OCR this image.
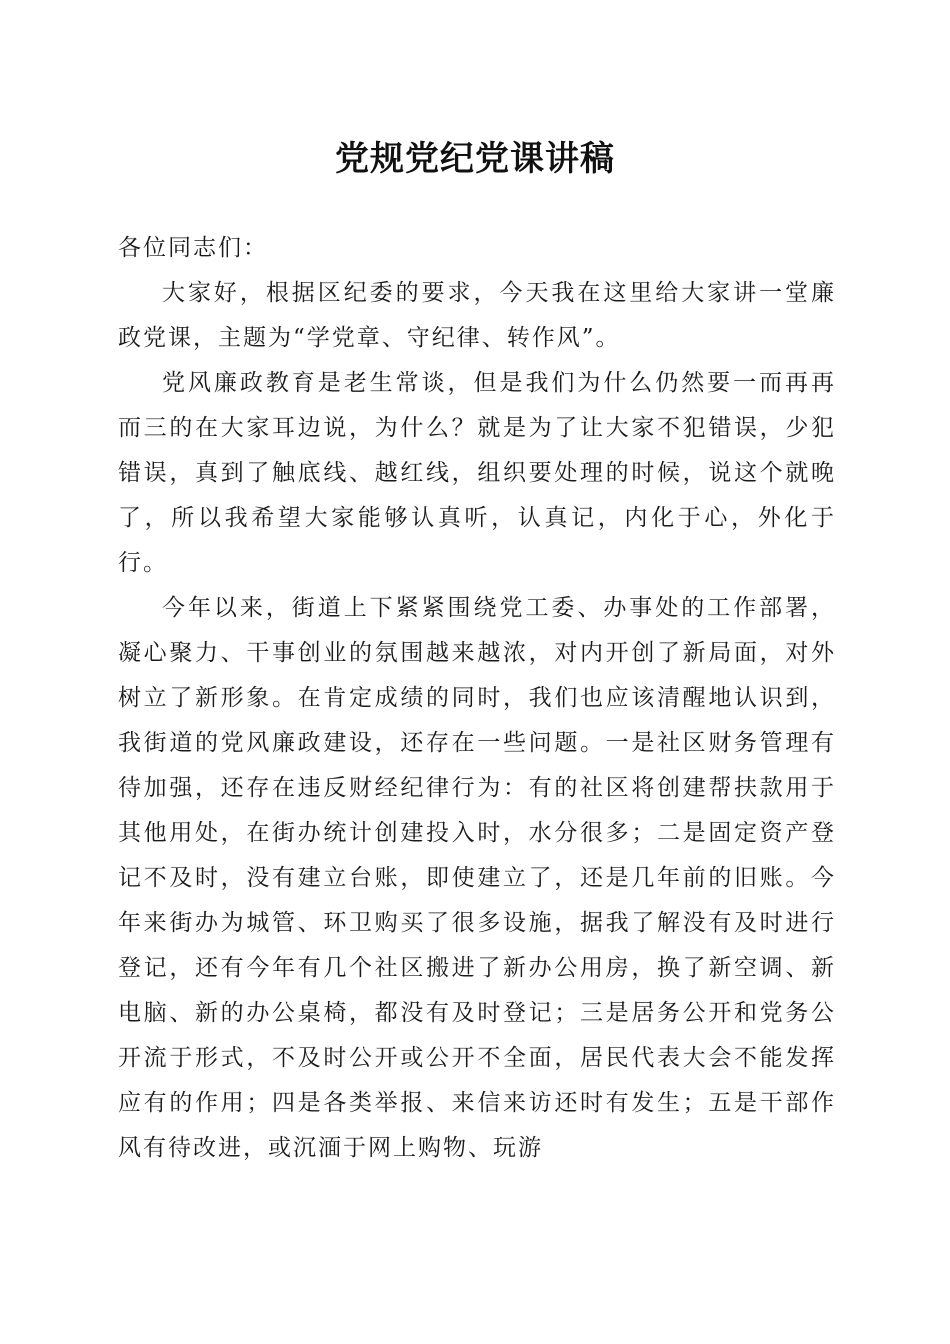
党规党纪党课讲稿

各位同志们：

大家好，根据区纪委的要求，今天我在这里给大家讲一堂廉政党课，主题为“学党章、守纪律、转作风”。

党风廉政教育是老生常谈，但是我们为什么仍然要一而再再而三的在大家耳边说，为什么？就是为了让大家不犯错误，少犯错误，真到了触底线、越红线，组织要处理的时候，说这个就晚了，所以我希望大家能够认真听，认真记，内化于心，外化于行。

今年以来，街道上下紧紧围绕党工委、办事处的工作部署，凝心聚力、干事创业的氛围越来越浓，对内开创了新局面，对外树立了新形象。在肯定成绩的同时，我们也应该清醒地认识到，我街道的党风廉政建设，还存在一些问题。一是社区财务管理有待加强，还存在违反财经纪律行为：有的社区将创建帮扶款用于其他用处，在街办统计创建投入时，水分很多；二是固定资产登记不及时，没有建立台账，即使建立了，还是几年前的旧账。今年来街办为城管、环卫购买了很多设施，据我了解没有及时进行登记，还有今年有几个社区搬进了新办公用房，换了新空调、新电脑、新的办公桌椅，都没有及时登记；三是居务公开和党务公开流于形式，不及时公开或公开不全面，居民代表大会不能发挥应有的作用；四是各类举报、来信来访还时有发生；五是干部作风有待改进，或沉湎于网上购物、玩游
